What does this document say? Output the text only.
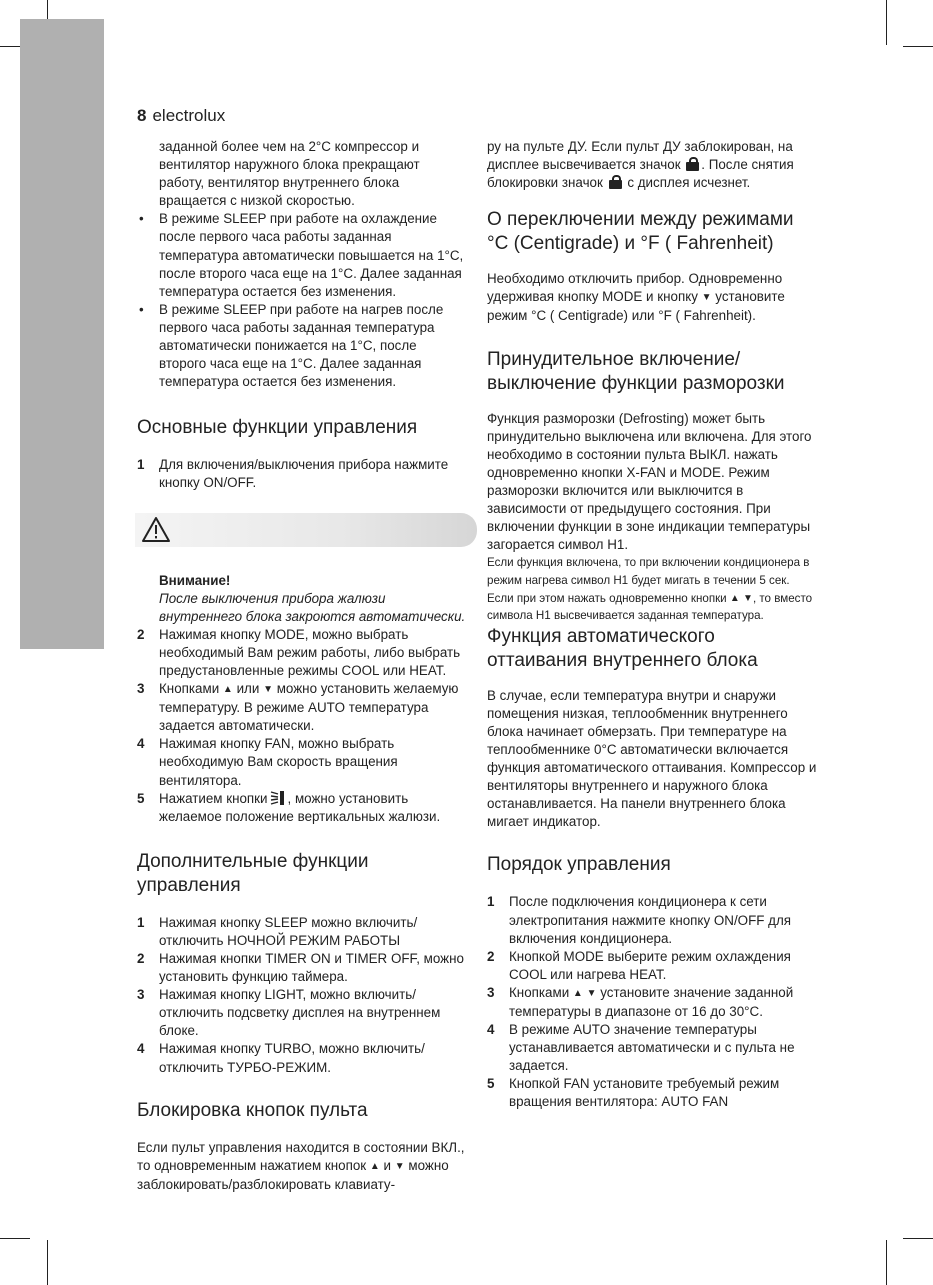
8 electrolux

заданной более чем на 2°С компрессор и вентилятор наружного блока прекращают работу, вентилятор внутреннего блока вращается с низкой скоростью.

• В режиме SLEEP при работе на охлаждение после первого часа работы заданная температура автоматически повышается на 1°С, после второго часа еще на 1°С. Далее заданная температура остается без изменения.
• В режиме SLEEP при работе на нагрев после первого часа работы заданная температура автоматически понижается на 1°С, после второго часа еще на 1°С. Далее заданная температура остается без изменения.
Основные функции управления
1 Для включения/выключения прибора нажмите кнопку ON/OFF.

Внимание!

После выключения прибора жалюзи внутреннего блока закроются автоматически.

2 Нажимая кнопку MODE, можно выбрать необходимый Вам режим работы, либо выбрать предустановленные режимы COOL или HEAT.
3 Кнопками ▲ или ▼ можно установить желаемую температуру. В режиме AUTO температура задается автоматически.
4 Нажимая кнопку FAN, можно выбрать необходимую Вам скорость вращения вентилятора.
5 Нажатием кнопки , можно установить желаемое положение вертикальных жалюзи.
Дополнительные функции управления
1 Нажимая кнопку SLEEP можно включить/отключить НОЧНОЙ РЕЖИМ РАБОТЫ
2 Нажимая кнопки TIMER ON и TIMER OFF, можно установить функцию таймера.
3 Нажимая кнопку LIGHT, можно включить/отключить подсветку дисплея на внутреннем блоке.
4 Нажимая кнопку TURBO, можно включить/отключить ТУРБО-РЕЖИМ.
Блокировка кнопок пульта

Если пульт управления находится в состоянии ВКЛ., то одновременным нажатием кнопок ▲ и ▼ можно заблокировать/разблокировать клавиату-

ру на пульте ДУ. Если пульт ДУ заблокирован, на дисплее высвечивается значок . После снятия блокировки значок с дисплея исчезнет.

О переключении между режимами °С (Centigrade) и °F ( Fahrenheit)

Необходимо отключить прибор. Одновременно удерживая кнопку MODE и кнопку ▼ установите режим °С ( Centigrade) или °F ( Fahrenheit).

Принудительное включение/выключение функции разморозки

Функция разморозки (Defrosting) может быть принудительно выключена или включена. Для этого необходимо в состоянии пульта ВЫКЛ. нажать одновременно кнопки X-FAN и MODE. Режим разморозки включится или выключится в зависимости от предыдущего состояния. При включении функции в зоне индикации температуры загорается символ H1.

Если функция включена, то при включении кондиционера в режим нагрева символ H1 будет мигать в течении 5 сек. Если при этом нажать одновременно кнопки ▲ ▼, то вместо символа H1 высвечивается заданная температура.

Функция автоматического оттаивания внутреннего блока

В случае, если температура внутри и снаружи помещения низкая, теплообменник внутреннего блока начинает обмерзать. При температуре на теплообменнике 0°С автоматически включается функция автоматического оттаивания. Компрессор и вентиляторы внутреннего и наружного блока останавливается. На панели внутреннего блока мигает индикатор.

Порядок управления
1 После подключения кондиционера к сети электропитания нажмите кнопку ON/OFF для включения кондиционера.
2 Кнопкой MODE выберите режим охлаждения COOL или нагрева HEAT.
3 Кнопками ▲ ▼ установите значение заданной температуры в диапазоне от 16 до 30°С.
4 В режиме AUTO значение температуры устанавливается автоматически и с пульта не задается.
5 Кнопкой FAN установите требуемый режим вращения вентилятора: AUTO FAN
